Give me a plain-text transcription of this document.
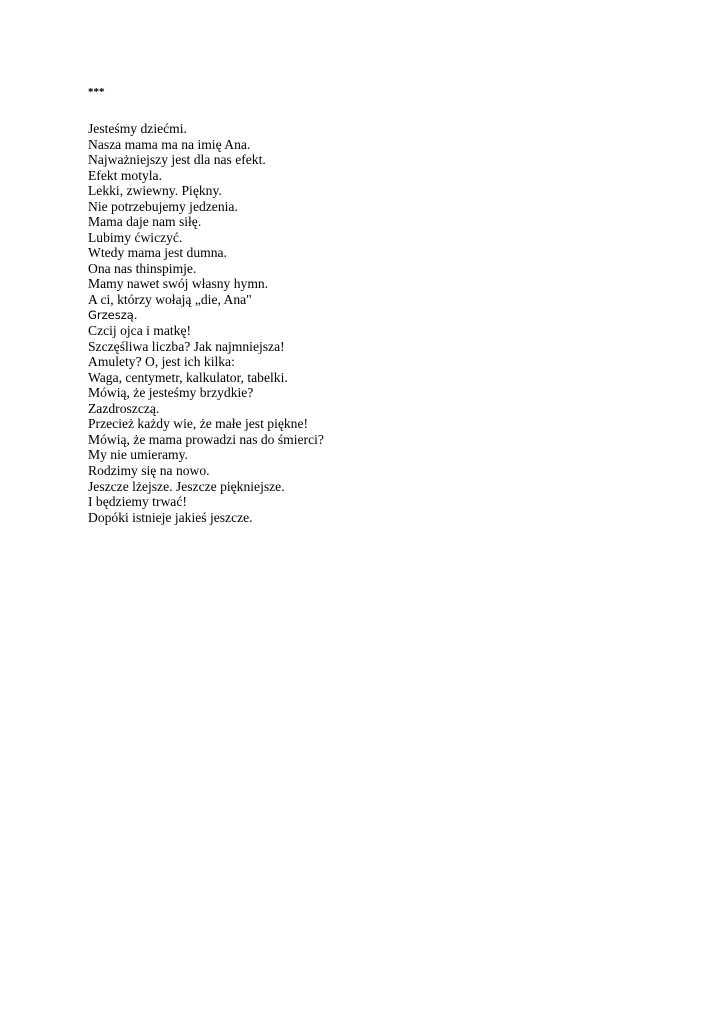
***

Jesteśmy dziećmi.
Nasza mama ma na imię Ana.
Najważniejszy jest dla nas efekt.
Efekt motyla.
Lekki, zwiewny. Piękny.
Nie potrzebujemy jedzenia.
Mama daje nam siłę.
Lubimy ćwiczyć.
Wtedy mama jest dumna.
Ona nas thinspimje.
Mamy nawet swój własny hymn.
A ci, którzy wołają „die, Ana"
Grzeszą.
Czcij ojca i matkę!
Szczęśliwa liczba? Jak najmniejsza!
Amulety? O, jest ich kilka:
Waga, centymetr, kalkulator, tabelki.
Mówią, że jesteśmy brzydkie?
Zazdroszczą.
Przecież każdy wie, że małe jest piękne!
Mówią, że mama prowadzi nas do śmierci?
My nie umieramy.
Rodzimy się na nowo.
Jeszcze lżejsze. Jeszcze piękniejsze.
I będziemy trwać!
Dopóki istnieje jakieś jeszcze.
